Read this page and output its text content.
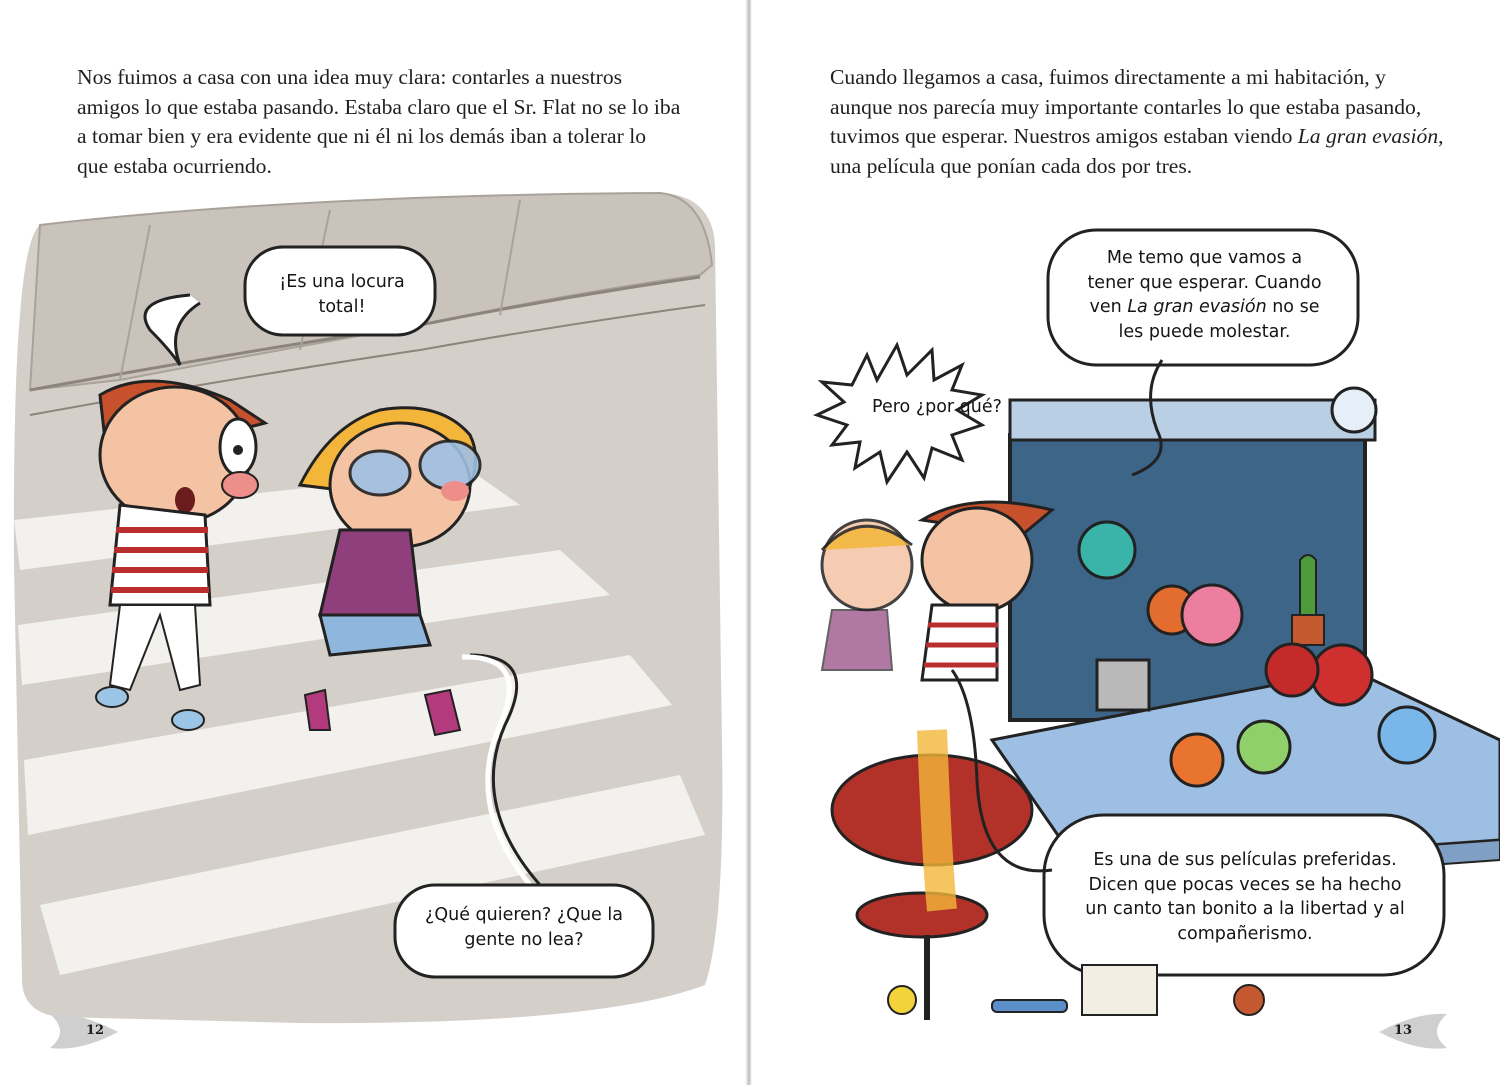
Nos fuimos a casa con una idea muy clara: contarles a nuestros amigos lo que estaba pasando. Estaba claro que el Sr. Flat no se lo iba a tomar bien y era evidente que ni él ni los demás iban a tolerar lo que estaba ocurriendo.

¡Es una locura
total!

¿Qué quieren? ¿Que la
gente no lea?

12

Cuando llegamos a casa, fuimos directamente a mi habitación, y aunque nos parecía muy importante contarles lo que estaba pasando, tuvimos que esperar. Nuestros amigos estaban viendo La gran evasión, una película que ponían cada dos por tres.

Me temo que vamos a
tener que esperar. Cuando
ven La gran evasión no se
les puede molestar.

Pero ¿por qué?

Es una de sus películas preferidas.
Dicen que pocas veces se ha hecho
un canto tan bonito a la libertad y al
compañerismo.

13
